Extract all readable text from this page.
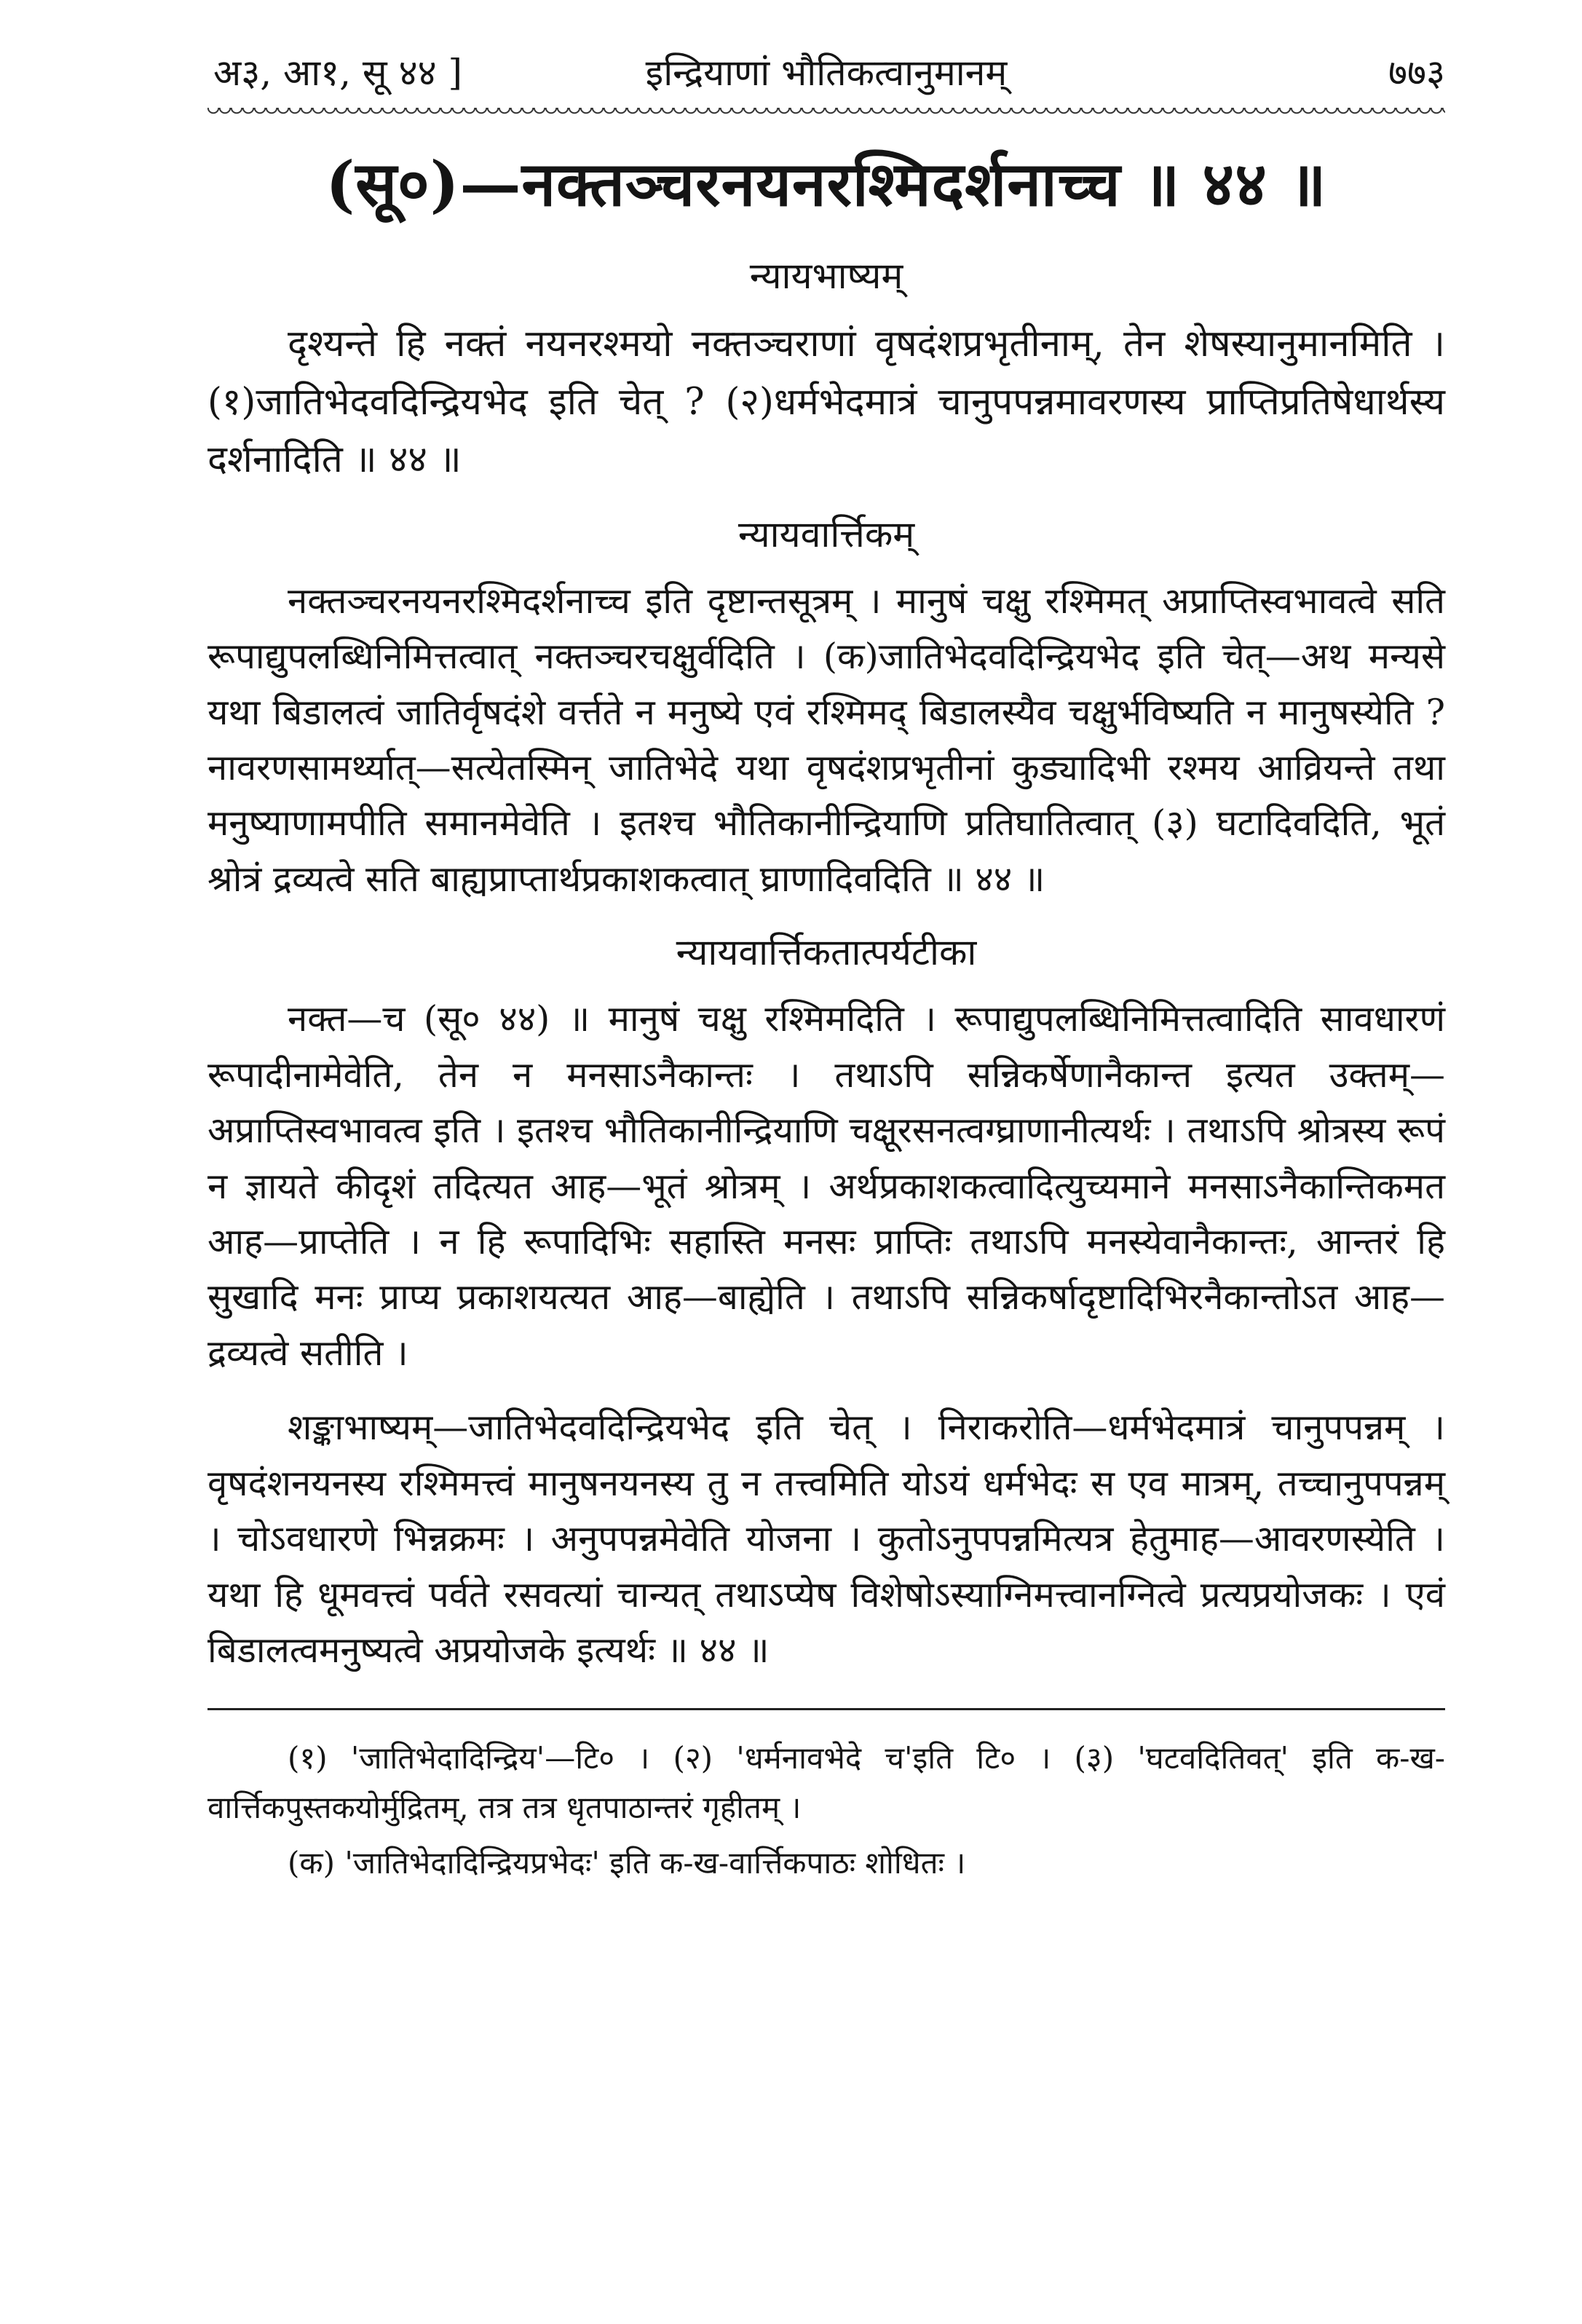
अ३, आ१, सू ४४ ]	इन्द्रियाणां भौतिकत्वानुमानम्	७७३
(सू०)—नक्तञ्चरनयनरश्मिदर्शनाच्च ॥ ४४ ॥
न्यायभाष्यम्

दृश्यन्ते हि नक्तं नयनरश्मयो नक्तञ्चराणां वृषदंशप्रभृतीनाम्, तेन शेषस्यानुमानमिति । (१)जातिभेदवदिन्द्रियभेद इति चेत् ? (२)धर्मभेदमात्रं चानुपपन्नमावरणस्य प्राप्तिप्रतिषेधार्थस्य दर्शनादिति ॥ ४४ ॥

न्यायवार्त्तिकम्

नक्तञ्चरनयनरश्मिदर्शनाच्च इति दृष्टान्तसूत्रम् । मानुषं चक्षु रश्मिमत् अप्राप्तिस्वभावत्वे सति रूपाद्युपलब्धिनिमित्तत्वात् नक्तञ्चरचक्षुर्वदिति । (क)जातिभेदवदिन्द्रियभेद इति चेत्—अथ मन्यसे यथा बिडालत्वं जातिर्वृषदंशे वर्त्तते न मनुष्ये एवं रश्मिमद् बिडालस्यैव चक्षुर्भविष्यति न मानुषस्येति ? नावरणसामर्थ्यात्—सत्येतस्मिन् जातिभेदे यथा वृषदंशप्रभृतीनां कुड्यादिभी रश्मय आव्रियन्ते तथा मनुष्याणामपीति समानमेवेति । इतश्च भौतिकानीन्द्रियाणि प्रतिघातित्वात् (३) घटादिवदिति, भूतं श्रोत्रं द्रव्यत्वे सति बाह्यप्राप्तार्थप्रकाशकत्वात् घ्राणादिवदिति ॥ ४४ ॥

न्यायवार्त्तिकतात्पर्यटीका

नक्त—च (सू० ४४) ॥ मानुषं चक्षु रश्मिमदिति । रूपाद्युपलब्धिनिमित्तत्वादिति सावधारणं रूपादीनामेवेति, तेन न मनसाऽनैकान्तः । तथाऽपि सन्निकर्षेणानैकान्त इत्यत उक्तम्—अप्राप्तिस्वभावत्व इति । इतश्च भौतिकानीन्द्रियाणि चक्षूरसनत्वग्घ्राणानीत्यर्थः । तथाऽपि श्रोत्रस्य रूपं न ज्ञायते कीदृशं तदित्यत आह—भूतं श्रोत्रम् । अर्थप्रकाशकत्वादित्युच्यमाने मनसाऽनैकान्तिकमत आह—प्राप्तेति । न हि रूपादिभिः सहास्ति मनसः प्राप्तिः तथाऽपि मनस्येवानैकान्तः, आन्तरं हि सुखादि मनः प्राप्य प्रकाशयत्यत आह—बाह्येति । तथाऽपि सन्निकर्षादृष्टादिभिरनैकान्तोऽत आह—द्रव्यत्वे सतीति ।

शङ्काभाष्यम्—जातिभेदवदिन्द्रियभेद इति चेत् । निराकरोति—धर्मभेदमात्रं चानुपपन्नम् । वृषदंशनयनस्य रश्मिमत्त्वं मानुषनयनस्य तु न तत्त्वमिति योऽयं धर्मभेदः स एव मात्रम्, तच्चानुपपन्नम् । चोऽवधारणे भिन्नक्रमः । अनुपपन्नमेवेति योजना । कुतोऽनुपपन्नमित्यत्र हेतुमाह—आवरणस्येति । यथा हि धूमवत्त्वं पर्वते रसवत्यां चान्यत् तथाऽप्येष विशेषोऽस्याग्निमत्त्वानग्नित्वे प्रत्यप्रयोजकः । एवं बिडालत्वमनुष्यत्वे अप्रयोजके इत्यर्थः ॥ ४४ ॥

(१) 'जातिभेदादिन्द्रिय'—टि० । (२) 'धर्मनावभेदे च'इति टि० । (३) 'घटवदितिवत्' इति क-ख-वार्त्तिकपुस्तकयोर्मुद्रितम्, तत्र तत्र धृतपाठान्तरं गृहीतम् ।

(क) 'जातिभेदादिन्द्रियप्रभेदः' इति क-ख-वार्त्तिकपाठः शोधितः ।
